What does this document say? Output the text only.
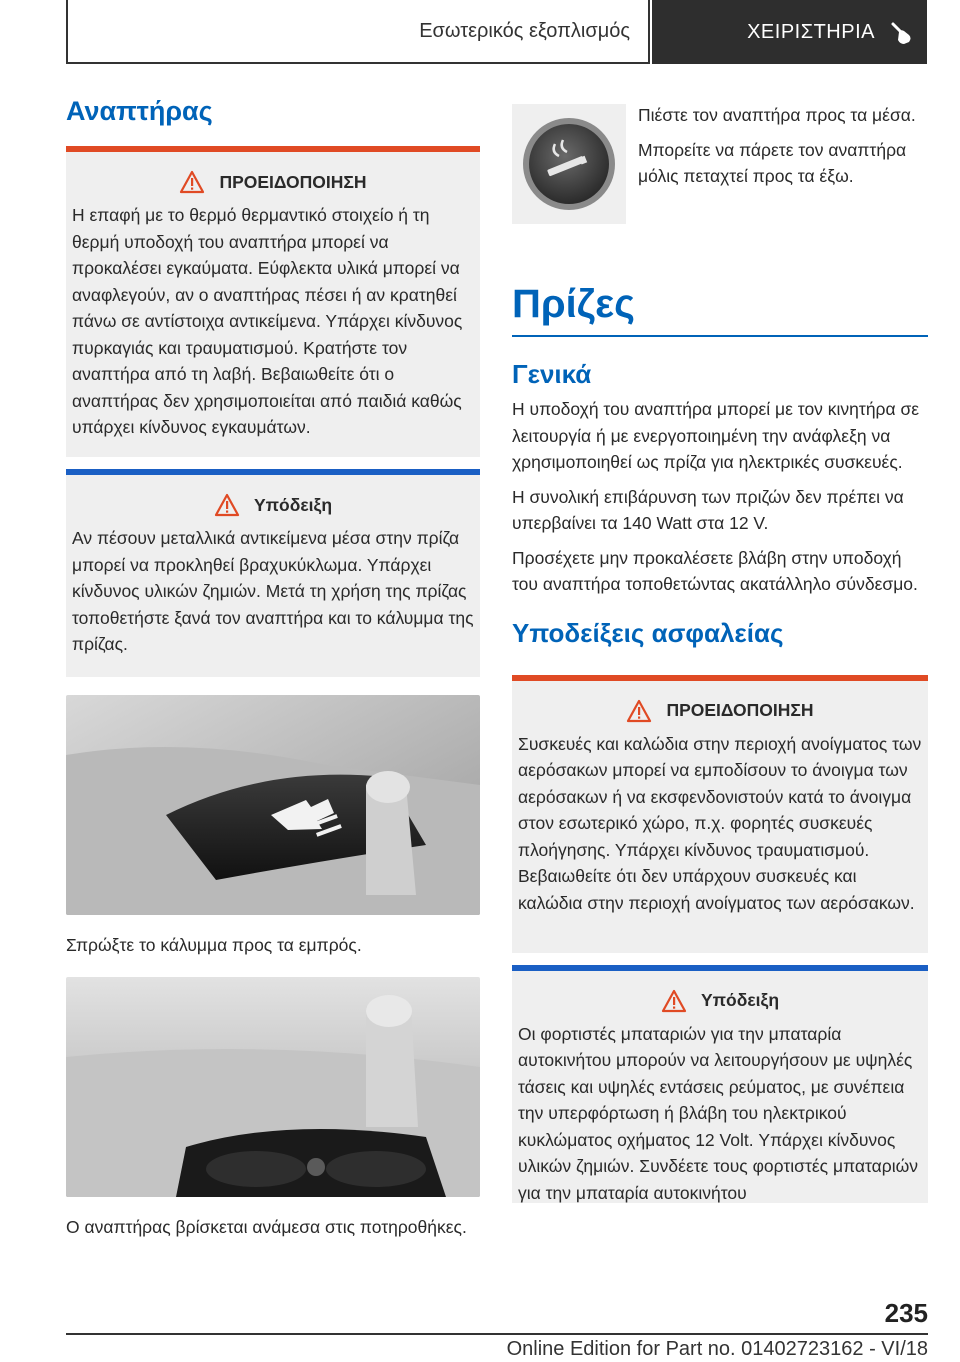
Εσωτερικός εξοπλισμός	ΧΕΙΡΙΣΤΗΡΙΑ
Αναπτήρας
ΠΡΟΕΙΔΟΠΟΙΗΣΗ
Η επαφή με το θερμό θερμαντικό στοιχείο ή τη θερμή υποδοχή του αναπτήρα μπορεί να προκαλέσει εγκαύματα. Εύφλεκτα υλικά μπορεί να αναφλεγούν, αν ο αναπτήρας πέσει ή αν κρατηθεί πάνω σε αντίστοιχα αντικείμενα. Υπάρχει κίνδυνος πυρκαγιάς και τραυματισμού. Κρατήστε τον αναπτήρα από τη λαβή. Βεβαιωθείτε ότι ο αναπτήρας δεν χρησιμοποιείται από παιδιά καθώς υπάρχει κίνδυνος εγκαυμάτων.
Υπόδειξη
Αν πέσουν μεταλλικά αντικείμενα μέσα στην πρίζα μπορεί να προκληθεί βραχυκύκλωμα. Υπάρχει κίνδυνος υλικών ζημιών. Μετά τη χρήση της πρίζας τοποθετήστε ξανά τον αναπτήρα και το κάλυμμα της πρίζας.
Σπρώξτε το κάλυμμα προς τα εμπρός.
Ο αναπτήρας βρίσκεται ανάμεσα στις ποτηροθήκες.
Πιέστε τον αναπτήρα προς τα μέσα.
Μπορείτε να πάρετε τον αναπτήρα μόλις πεταχτεί προς τα έξω.
Πρίζες
Γενικά
Η υποδοχή του αναπτήρα μπορεί με τον κινητήρα σε λειτουργία ή με ενεργοποιημένη την ανάφλεξη να χρησιμοποιηθεί ως πρίζα για ηλεκτρικές συσκευές.
Η συνολική επιβάρυνση των πριζών δεν πρέπει να υπερβαίνει τα 140 Watt στα 12 V.
Προσέχετε μην προκαλέσετε βλάβη στην υποδοχή του αναπτήρα τοποθετώντας ακατάλληλο σύνδεσμο.
Υποδείξεις ασφαλείας
ΠΡΟΕΙΔΟΠΟΙΗΣΗ
Συσκευές και καλώδια στην περιοχή ανοίγματος των αερόσακων μπορεί να εμποδίσουν το άνοιγμα των αερόσακων ή να εκσφενδονιστούν κατά το άνοιγμα στον εσωτερικό χώρο, π.χ. φορητές συσκευές πλοήγησης. Υπάρχει κίνδυνος τραυματισμού. Βεβαιωθείτε ότι δεν υπάρχουν συσκευές και καλώδια στην περιοχή ανοίγματος των αερόσακων.
Υπόδειξη
Οι φορτιστές μπαταριών για την μπαταρία αυτοκινήτου μπορούν να λειτουργήσουν με υψηλές τάσεις και υψηλές εντάσεις ρεύματος, με συνέπεια την υπερφόρτωση ή βλάβη του ηλεκτρικού κυκλώματος οχήματος 12 Volt. Υπάρχει κίνδυνος υλικών ζημιών. Συνδέετε τους φορτιστές μπαταριών για την μπαταρία αυτοκινήτου
235
Online Edition for Part no. 01402723162 - VI/18
